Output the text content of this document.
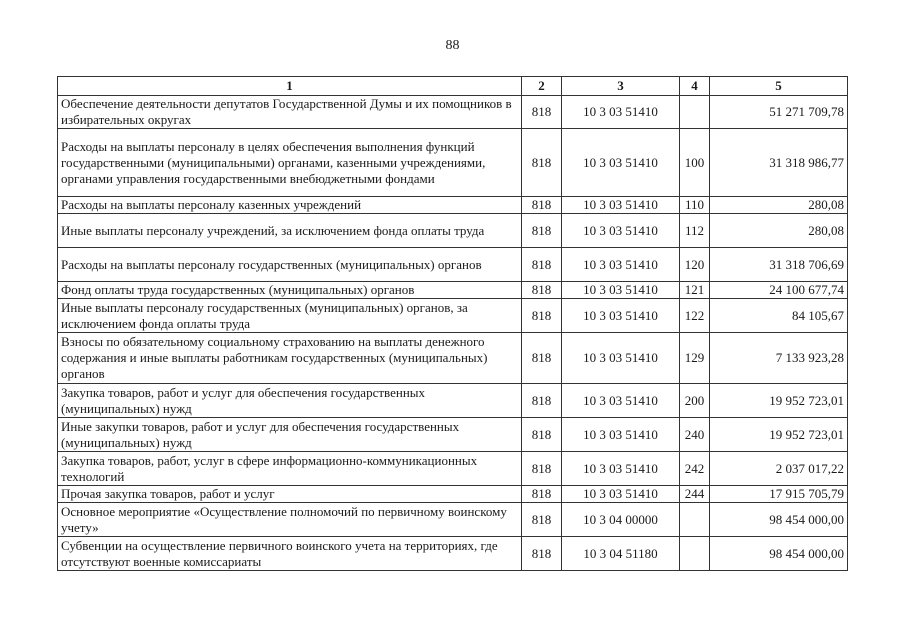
88
1	2	3	4	5
Обеспечение деятельности депутатов Государственной Думы и их помощников в избирательных округах	818	10 3 03 51410		51 271 709,78
Расходы на выплаты персоналу в целях обеспечения выполнения функций государственными (муниципальными) органами, казенными учреждениями, органами управления государственными внебюджетными фондами	818	10 3 03 51410	100	31 318 986,77
Расходы на выплаты персоналу казенных учреждений	818	10 3 03 51410	110	280,08
Иные выплаты персоналу учреждений, за исключением фонда оплаты труда	818	10 3 03 51410	112	280,08
Расходы на выплаты персоналу государственных (муниципальных) органов	818	10 3 03 51410	120	31 318 706,69
Фонд оплаты труда государственных (муниципальных) органов	818	10 3 03 51410	121	24 100 677,74
Иные выплаты персоналу государственных (муниципальных) органов, за исключением фонда оплаты труда	818	10 3 03 51410	122	84 105,67
Взносы по обязательному социальному страхованию на выплаты денежного содержания и иные выплаты работникам государственных (муниципальных) органов	818	10 3 03 51410	129	7 133 923,28
Закупка товаров, работ и услуг для обеспечения государственных (муниципальных) нужд	818	10 3 03 51410	200	19 952 723,01
Иные закупки товаров, работ и услуг для обеспечения государственных (муниципальных) нужд	818	10 3 03 51410	240	19 952 723,01
Закупка товаров, работ, услуг в сфере информационно-коммуникационных технологий	818	10 3 03 51410	242	2 037 017,22
Прочая закупка товаров, работ и услуг	818	10 3 03 51410	244	17 915 705,79
Основное мероприятие «Осуществление полномочий по первичному воинскому учету»	818	10 3 04 00000		98 454 000,00
Субвенции на осуществление первичного воинского учета на территориях, где отсутствуют военные комиссариаты	818	10 3 04 51180		98 454 000,00
